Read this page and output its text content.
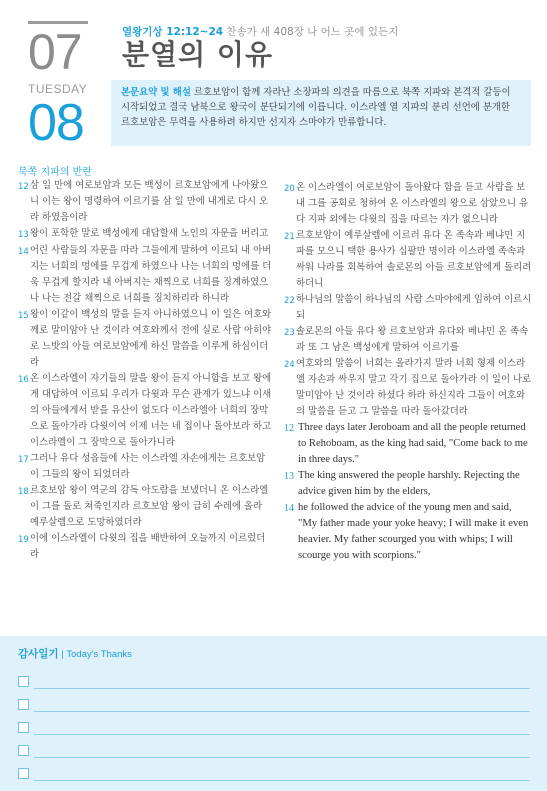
07
TUESDAY
08
열왕기상 12:12~24 찬송가 새 408장 나 어느 곳에 있든지
분열의 이유
본문요약 및 해설 르호보암이 함께 자라난 소장파의 의견을 따름으로 북쪽 지파와 본격적 갈등이 시작되었고 결국 남북으로 왕국이 분단되기에 이릅니다. 이스라엘 열 지파의 분리 선언에 분개한 르호보암은 무력을 사용하려 하지만 선지자 스마야가 만류합니다.
북쪽 지파의 반란
12 삼 일 만에 여로보암과 모든 백성이 르호보암에게 나아왔으니 이는 왕이 명령하여 이르기를 삼 일 만에 내게로 다시 오라 하였음이라
13 왕이 포학한 말로 백성에게 대답할새 노인의 자문을 버리고
14 어린 사람들의 자문을 따라 그들에게 말하여 이르되 내 아버지는 너희의 멍에를 무겁게 하였으나 나는 너희의 멍에를 더욱 무겁게 할지라 내 아버지는 채찍으로 너희를 징계하였으나 나는 전갈 채찍으로 너희를 징치하리라 하니라
15 왕이 이같이 백성의 말을 듣지 아니하였으니 이 일은 여호와께로 말미암아 난 것이라 여호와께서 전에 실로 사람 아히야로 느밧의 아들 여로보암에게 하신 말씀을 이루게 하심이더라
16 온 이스라엘이 자기들의 말을 왕이 듣지 아니함을 보고 왕에게 대답하여 이르되 우리가 다윗과 무슨 관계가 있느냐 이새의 아들에게서 받을 유산이 없도다 이스라엘아 너희의 장막으로 돌아가라 다윗이여 이제 너는 네 집이나 돌아보라 하고 이스라엘이 그 장막으로 돌아가니라
17 그러나 유다 성읍들에 사는 이스라엘 자손에게는 르호보암이 그들의 왕이 되었더라
18 르호보암 왕이 역군의 감독 아도람을 보냈더니 온 이스라엘이 그를 돌로 쳐죽인지라 르호보암 왕이 급히 수레에 올라 예루살렘으로 도망하였더라
19 이에 이스라엘이 다윗의 집을 배반하여 오늘까지 이르렀더라
20 온 이스라엘이 여로보암이 돌아왔다 함을 듣고 사람을 보내 그를 공회로 청하여 온 이스라엘의 왕으로 삼았으니 유다 지파 외에는 다윗의 집을 따르는 자가 없으니라
21 르호보암이 예루살렘에 이르러 유다 온 족속과 베냐민 지파를 모으니 택한 용사가 십팔만 명이라 이스라엘 족속과 싸워 나라를 회복하여 솔로몬의 아들 르호보암에게 돌리려 하더니
22 하나님의 말씀이 하나님의 사람 스마야에게 임하여 이르시되
23 솔로몬의 아들 유다 왕 르호보암과 유다와 베냐민 온 족속과 또 그 남은 백성에게 말하여 이르기를
24 여호와의 말씀이 너희는 올라가지 말라 너희 형제 이스라엘 자손과 싸우지 말고 각기 집으로 돌아가라 이 일이 나로 말미암아 난 것이라 하셨다 하라 하신지라 그들이 여호와의 말씀을 듣고 그 말씀을 따라 돌아갔더라
12 Three days later Jeroboam and all the people returned to Rehoboam, as the king had said, "Come back to me in three days."
13 The king answered the people harshly. Rejecting the advice given him by the elders,
14 he followed the advice of the young men and said, "My father made your yoke heavy; I will make it even heavier. My father scourged you with whips; I will scourge you with scorpions."
감사일기 | Today's Thanks
